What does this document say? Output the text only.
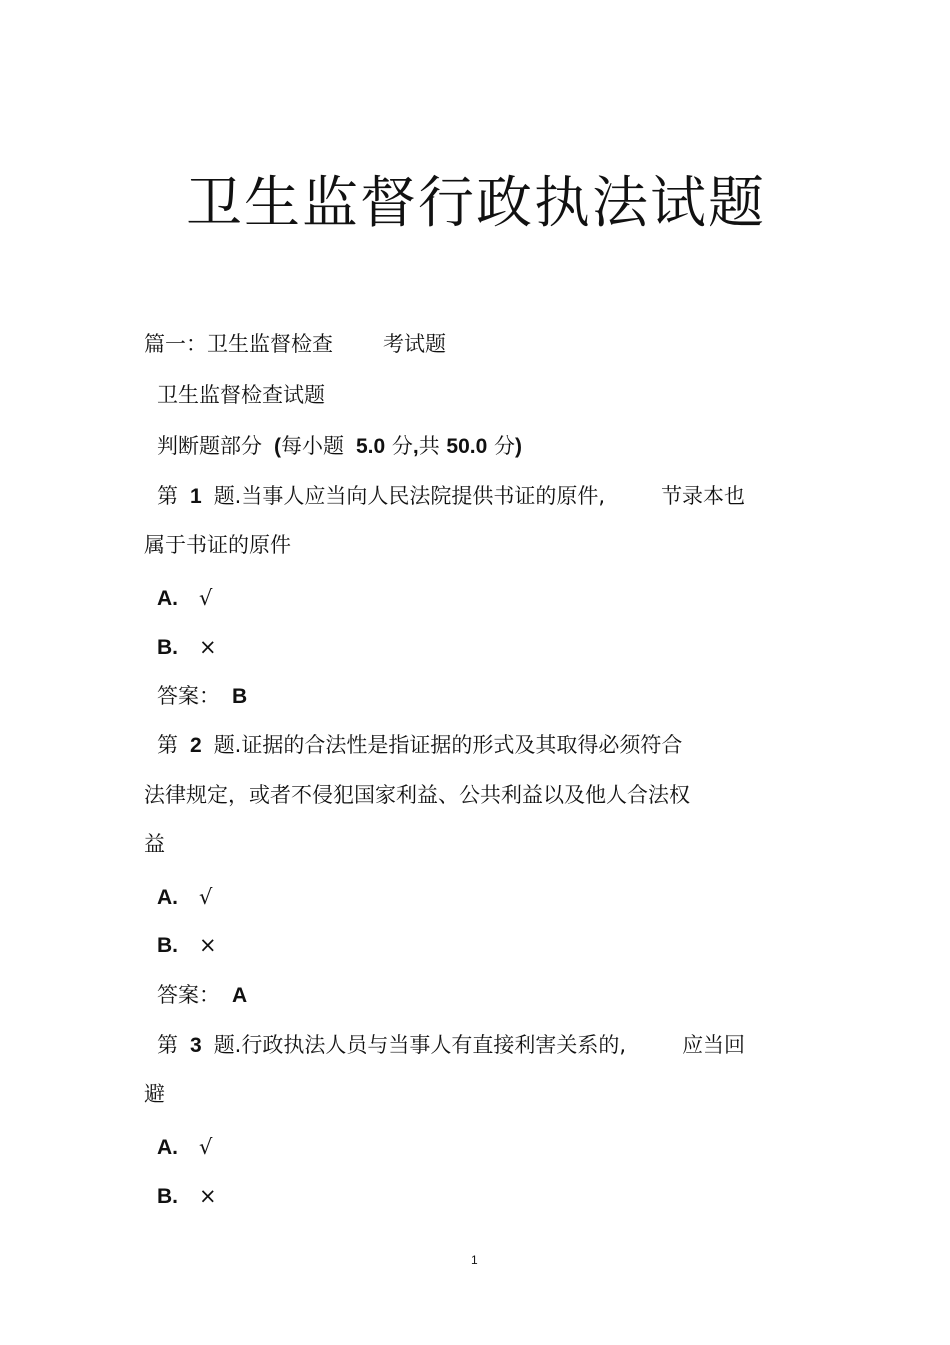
卫生监督行政执法试题
篇一：卫生监督检查 考试题
卫生监督检查试题
判断题部分 (每小题 5.0 分,共 50.0 分)
第 1 题.当事人应当向人民法院提供书证的原件,	节录本也
属于书证的原件
A. √
B. ×
答案： B
第 2 题.证据的合法性是指证据的形式及其取得必须符合
法律规定，或者不侵犯国家利益、公共利益以及他人合法权
益
A. √
B. ×
答案： A
第 3 题.行政执法人员与当事人有直接利害关系的,	应当回
避
A. √
B. ×
1
